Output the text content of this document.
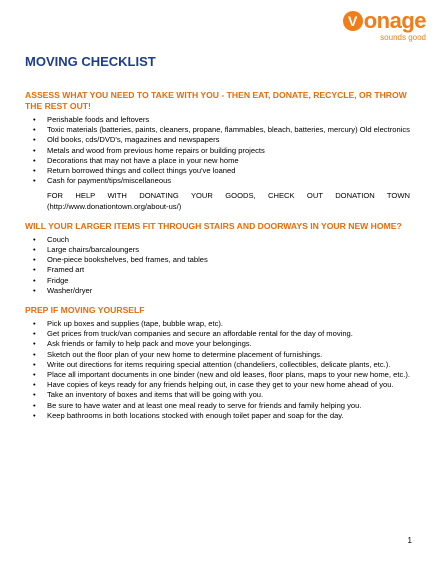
V onage
sounds good
MOVING CHECKLIST
ASSESS WHAT YOU NEED TO TAKE WITH YOU - THEN EAT, DONATE, RECYCLE, OR THROW THE REST OUT!
• Perishable foods and leftovers
• Toxic materials (batteries, paints, cleaners, propane, flammables, bleach, batteries, mercury) Old electronics
• Old books, cds/DVD's, magazines and newspapers
• Metals and wood from previous home repairs or building projects
• Decorations that may not have a place in your new home
• Return borrowed things and collect things you've loaned
• Cash for payment/tips/miscellaneous
FOR HELP WITH DONATING YOUR GOODS, CHECK OUT DONATION TOWN (http://www.donationtown.org/about-us/)
WILL YOUR LARGER ITEMS FIT THROUGH STAIRS AND DOORWAYS IN YOUR NEW HOME?
• Couch
• Large chairs/barcaloungers
• One-piece bookshelves, bed frames, and tables
• Framed art
• Fridge
• Washer/dryer
PREP IF MOVING YOURSELF
• Pick up boxes and supplies (tape, bubble wrap, etc).
• Get prices from truck/van companies and secure an affordable rental for the day of moving.
• Ask friends or family to help pack and move your belongings.
• Sketch out the floor plan of your new home to determine placement of furnishings.
• Write out directions for items requiring special attention (chandeliers, collectibles, delicate plants, etc.).
• Place all important documents in one binder (new and old leases, floor plans, maps to your new home, etc.).
• Have copies of keys ready for any friends helping out, in case they get to your new home ahead of you.
• Take an inventory of boxes and items that will be going with you.
• Be sure to have water and at least one meal ready to serve for friends and family helping you.
• Keep bathrooms in both locations stocked with enough toilet paper and soap for the day.
1
